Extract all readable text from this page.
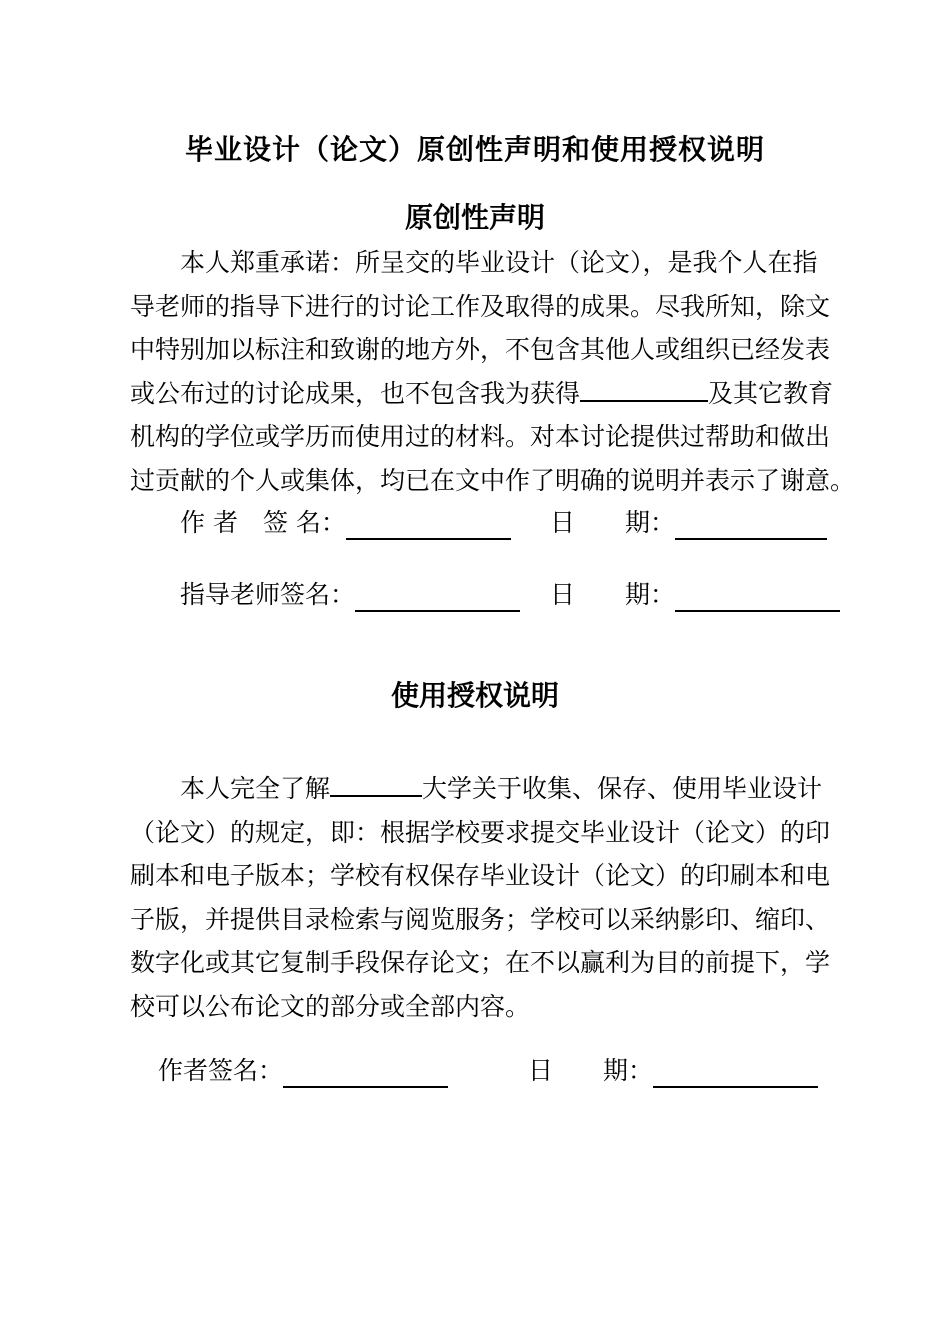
毕业设计（论文）原创性声明和使用授权说明
原创性声明
本人郑重承诺：所呈交的毕业设计（论文），是我个人在指
导老师的指导下进行的讨论工作及取得的成果。尽我所知，除文
中特别加以标注和致谢的地方外，不包含其他人或组织已经发表
或公布过的讨论成果，也不包含我为获得	及其它教育
机构的学位或学历而使用过的材料。对本讨论提供过帮助和做出
过贡献的个人或集体，均已在文中作了明确的说明并表示了谢意。
作 者　签 名：	日　　期：
指导老师签名：	日　　期：
使用授权说明
本人完全了解	大学关于收集、保存、使用毕业设计
（论文）的规定，即：根据学校要求提交毕业设计（论文）的印
刷本和电子版本；学校有权保存毕业设计（论文）的印刷本和电
子版，并提供目录检索与阅览服务；学校可以采纳影印、缩印、
数字化或其它复制手段保存论文；在不以赢利为目的前提下，学
校可以公布论文的部分或全部内容。
作者签名：	日　　期：
